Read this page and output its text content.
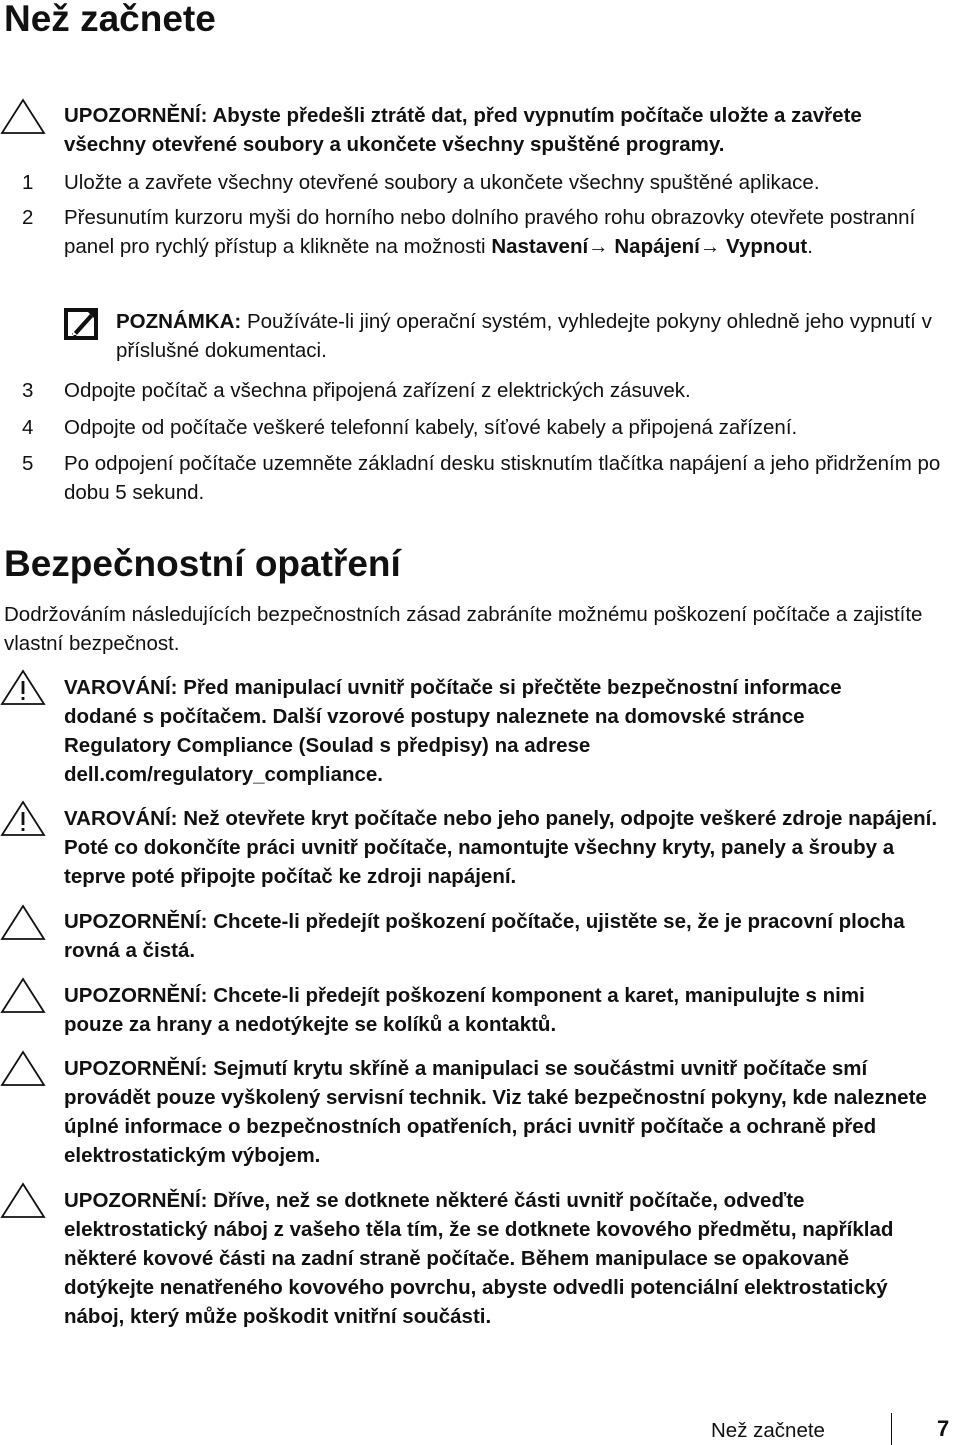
Než začnete
UPOZORNĚNÍ: Abyste předešli ztrátě dat, před vypnutím počítače uložte a zavřete všechny otevřené soubory a ukončete všechny spuštěné programy.
1	Uložte a zavřete všechny otevřené soubory a ukončete všechny spuštěné aplikace.
2	Přesunutím kurzoru myši do horního nebo dolního pravého rohu obrazovky otevřete postranní panel pro rychlý přístup a klikněte na možnosti Nastavení→ Napájení→ Vypnout.
POZNÁMKA: Používáte-li jiný operační systém, vyhledejte pokyny ohledně jeho vypnutí v příslušné dokumentaci.
3	Odpojte počítač a všechna připojená zařízení z elektrických zásuvek.
4	Odpojte od počítače veškeré telefonní kabely, síťové kabely a připojená zařízení.
5	Po odpojení počítače uzemněte základní desku stisknutím tlačítka napájení a jeho přidržením po dobu 5 sekund.
Bezpečnostní opatření
Dodržováním následujících bezpečnostních zásad zabráníte možnému poškození počítače a zajistíte vlastní bezpečnost.
VAROVÁNÍ: Před manipulací uvnitř počítače si přečtěte bezpečnostní informace dodané s počítačem. Další vzorové postupy naleznete na domovské stránce Regulatory Compliance (Soulad s předpisy) na adrese dell.com/regulatory_compliance.
VAROVÁNÍ: Než otevřete kryt počítače nebo jeho panely, odpojte veškeré zdroje napájení. Poté co dokončíte práci uvnitř počítače, namontujte všechny kryty, panely a šrouby a teprve poté připojte počítač ke zdroji napájení.
UPOZORNĚNÍ: Chcete-li předejít poškození počítače, ujistěte se, že je pracovní plocha rovná a čistá.
UPOZORNĚNÍ: Chcete-li předejít poškození komponent a karet, manipulujte s nimi pouze za hrany a nedotýkejte se kolíků a kontaktů.
UPOZORNĚNÍ: Sejmutí krytu skříně a manipulaci se součástmi uvnitř počítače smí provádět pouze vyškolený servisní technik. Viz také bezpečnostní pokyny, kde naleznete úplné informace o bezpečnostních opatřeních, práci uvnitř počítače a ochraně před elektrostatickým výbojem.
UPOZORNĚNÍ: Dříve, než se dotknete některé části uvnitř počítače, odveďte elektrostatický náboj z vašeho těla tím, že se dotknete kovového předmětu, například některé kovové části na zadní straně počítače. Během manipulace se opakovaně dotýkejte nenatřeného kovového povrchu, abyste odvedli potenciální elektrostatický náboj, který může poškodit vnitřní součásti.
Než začnete	7
